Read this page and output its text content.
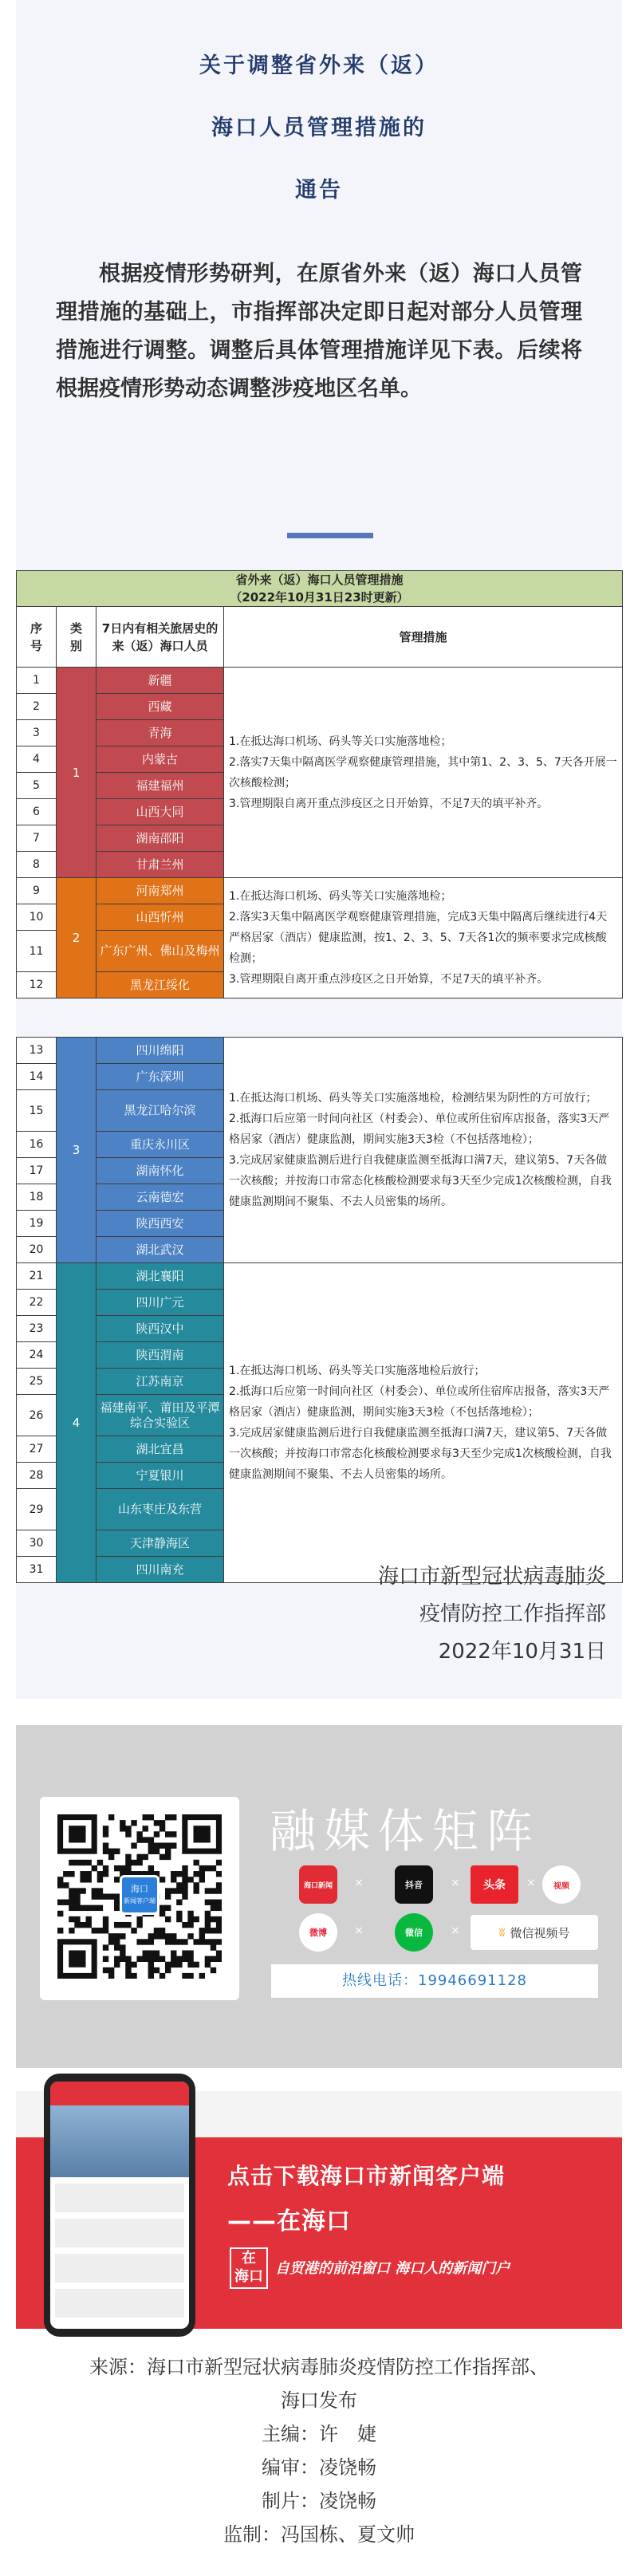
关于调整省外来（返）
海口人员管理措施的
通告
根据疫情形势研判，在原省外来（返）海口人员管理措施的基础上，市指挥部决定即日起对部分人员管理措施进行调整。调整后具体管理措施详见下表。后续将根据疫情形势动态调整涉疫地区名单。
省外来（返）海口人员管理措施
（2022年10月31日23时更新）			

序号	类别	7日内有相关旅居史的来（返）海口人员	管理措施
1	1	新疆	1.在抵达海口机场、码头等关口实施落地检；
2.落实7天集中隔离医学观察健康管理措施，其中第1、2、3、5、7天各开展一次核酸检测；
3.管理期限自离开重点涉疫区之日开始算，不足7天的填平补齐。
2		西藏	
3		青海	
4		内蒙古	
5		福建福州	
6		山西大同	
7		湖南邵阳	
8		甘肃兰州	
9	2	河南郑州	1.在抵达海口机场、码头等关口实施落地检；
2.落实3天集中隔离医学观察健康管理措施，完成3天集中隔离后继续进行4天严格居家（酒店）健康监测，按1、2、3、5、7天各1次的频率要求完成核酸检测；
3.管理期限自离开重点涉疫区之日开始算，不足7天的填平补齐。
10		山西忻州	
11		广东广州、佛山及梅州	
12		黑龙江绥化	
13	3	四川绵阳	1.在抵达海口机场、码头等关口实施落地检，检测结果为阴性的方可放行；
2.抵海口后应第一时间向社区（村委会）、单位或所住宿库店报备，落实3天严格居家（酒店）健康监测，期间实施3天3检（不包括落地检）；
3.完成居家健康监测后进行自我健康监测至抵海口满7天，建议第5、7天各做一次核酸；并按海口市常态化核酸检测要求每3天至少完成1次核酸检测，自我健康监测期间不聚集、不去人员密集的场所。
14		广东深圳	
15		黑龙江哈尔滨	
16		重庆永川区	
17		湖南怀化	
18		云南德宏	
19		陕西西安	
20		湖北武汉	
21	4	湖北襄阳	1.在抵达海口机场、码头等关口实施落地检后放行；
2.抵海口后应第一时间向社区（村委会）、单位或所住宿库店报备，落实3天严格居家（酒店）健康监测，期间实施3天3检（不包括落地检）；
3.完成居家健康监测后进行自我健康监测至抵海口满7天，建议第5、7天各做一次核酸；并按海口市常态化核酸检测要求每3天至少完成1次核酸检测，自我健康监测期间不聚集、不去人员密集的场所。
22		四川广元	
23		陕西汉中	
24		陕西渭南	
25		江苏南京	
26		福建南平、莆田及平潭综合实验区	
27		湖北宜昌	
28		宁夏银川	
29		山东枣庄及东营	
30		天津静海区	
31		四川南充		海口市新型冠状病毒肺炎
疫情防控工作指挥部
2022年10月31日
海口
新闻客户端
融媒体矩阵
海口新闻 ×	抖音	× 头条 × 视频
微博 ×	微信	×	ʬ 微信视频号
热线电话：19946691128
点击下载海口市新闻客户端
——在海口
在
海口 自贸港的前沿窗口 海口人的新闻门户
来源：海口市新型冠状病毒肺炎疫情防控工作指挥部、
海口发布
主编：许　婕
编审：凌饶畅
制片：凌饶畅
监制：冯国栋、夏文帅
